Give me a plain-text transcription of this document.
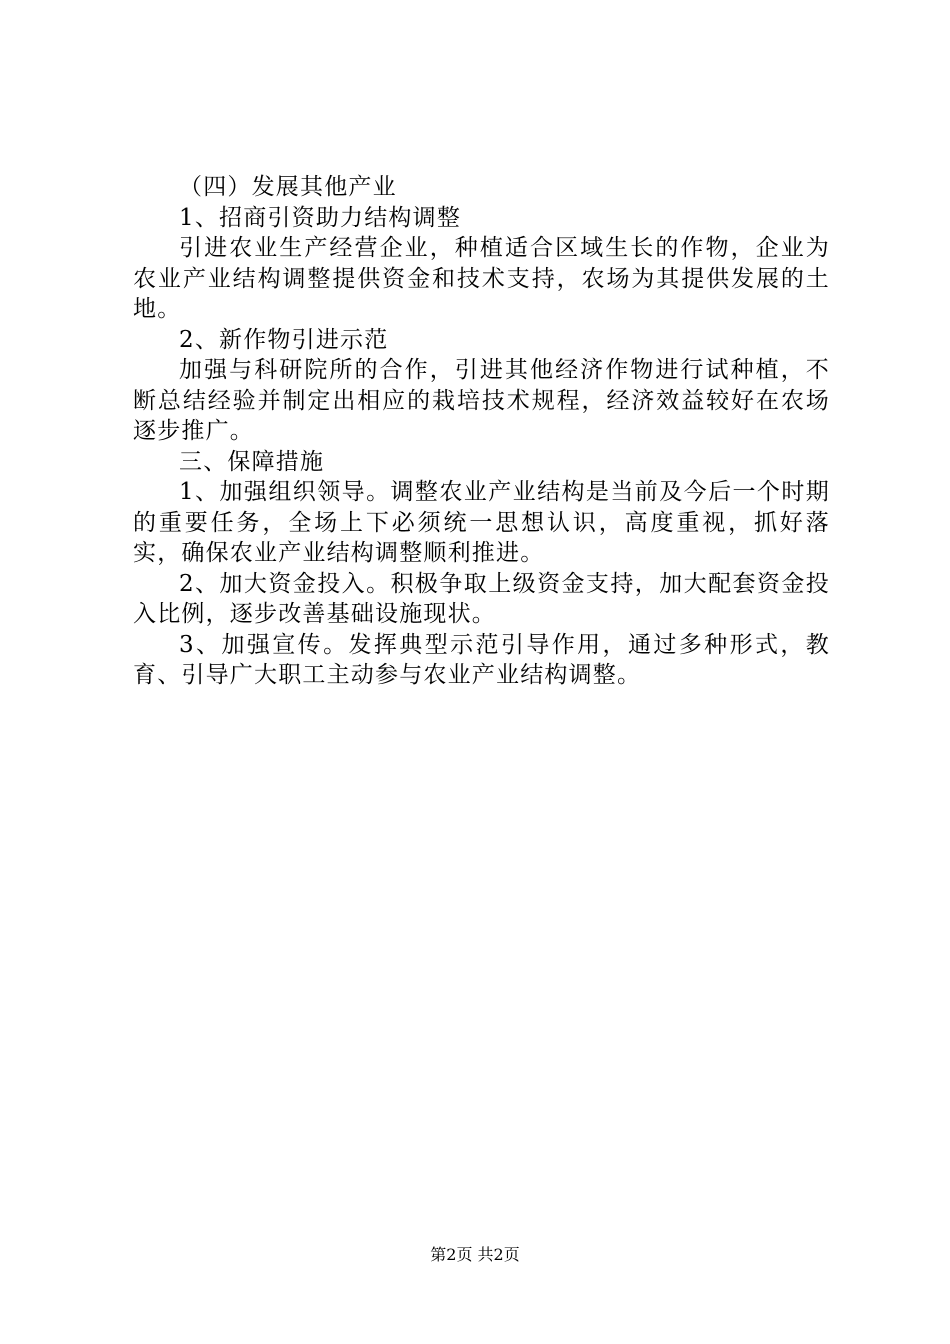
（四）发展其他产业

1、招商引资助力结构调整

引进农业生产经营企业，种植适合区域生长的作物，企业为农业产业结构调整提供资金和技术支持，农场为其提供发展的土地。

2、新作物引进示范

加强与科研院所的合作，引进其他经济作物进行试种植，不断总结经验并制定出相应的栽培技术规程，经济效益较好在农场逐步推广。

三、保障措施

1、加强组织领导。调整农业产业结构是当前及今后一个时期的重要任务，全场上下必须统一思想认识，高度重视，抓好落实，确保农业产业结构调整顺利推进。

2、加大资金投入。积极争取上级资金支持，加大配套资金投入比例，逐步改善基础设施现状。

3、加强宣传。发挥典型示范引导作用，通过多种形式，教育、引导广大职工主动参与农业产业结构调整。

第2页 共2页
